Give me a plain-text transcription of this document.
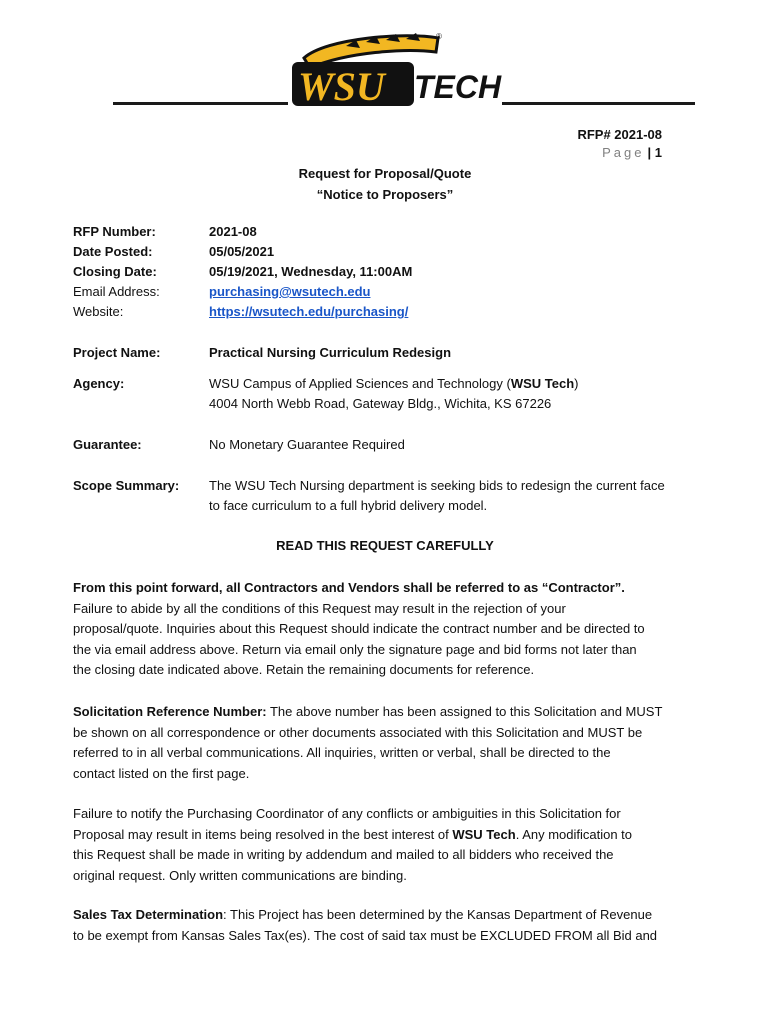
WSU TECH
®
RFP# 2021-08
Page | 1
Request for Proposal/Quote
“Notice to Proposers”
RFP Number:	2021-08
Date Posted:	05/05/2021
Closing Date:	05/19/2021, Wednesday, 11:00AM
Email Address:	purchasing@wsutech.edu
Website:	https://wsutech.edu/purchasing/
Project Name:	Practical Nursing Curriculum Redesign
Agency:	WSU Campus of Applied Sciences and Technology (WSU Tech)
4004 North Webb Road, Gateway Bldg., Wichita, KS 67226
Guarantee:	No Monetary Guarantee Required
Scope Summary:	The WSU Tech Nursing department is seeking bids to redesign the current face
to face curriculum to a full hybrid delivery model.
READ THIS REQUEST CAREFULLY
From this point forward, all Contractors and Vendors shall be referred to as “Contractor”.
Failure to abide by all the conditions of this Request may result in the rejection of your
proposal/quote. Inquiries about this Request should indicate the contract number and be directed to
the via email address above. Return via email only the signature page and bid forms not later than
the closing date indicated above. Retain the remaining documents for reference.
Solicitation Reference Number: The above number has been assigned to this Solicitation and MUST
be shown on all correspondence or other documents associated with this Solicitation and MUST be
referred to in all verbal communications. All inquiries, written or verbal, shall be directed to the
contact listed on the first page.
Failure to notify the Purchasing Coordinator of any conflicts or ambiguities in this Solicitation for
Proposal may result in items being resolved in the best interest of WSU Tech. Any modification to
this Request shall be made in writing by addendum and mailed to all bidders who received the
original request. Only written communications are binding.
Sales Tax Determination: This Project has been determined by the Kansas Department of Revenue
to be exempt from Kansas Sales Tax(es). The cost of said tax must be EXCLUDED FROM all Bid and
